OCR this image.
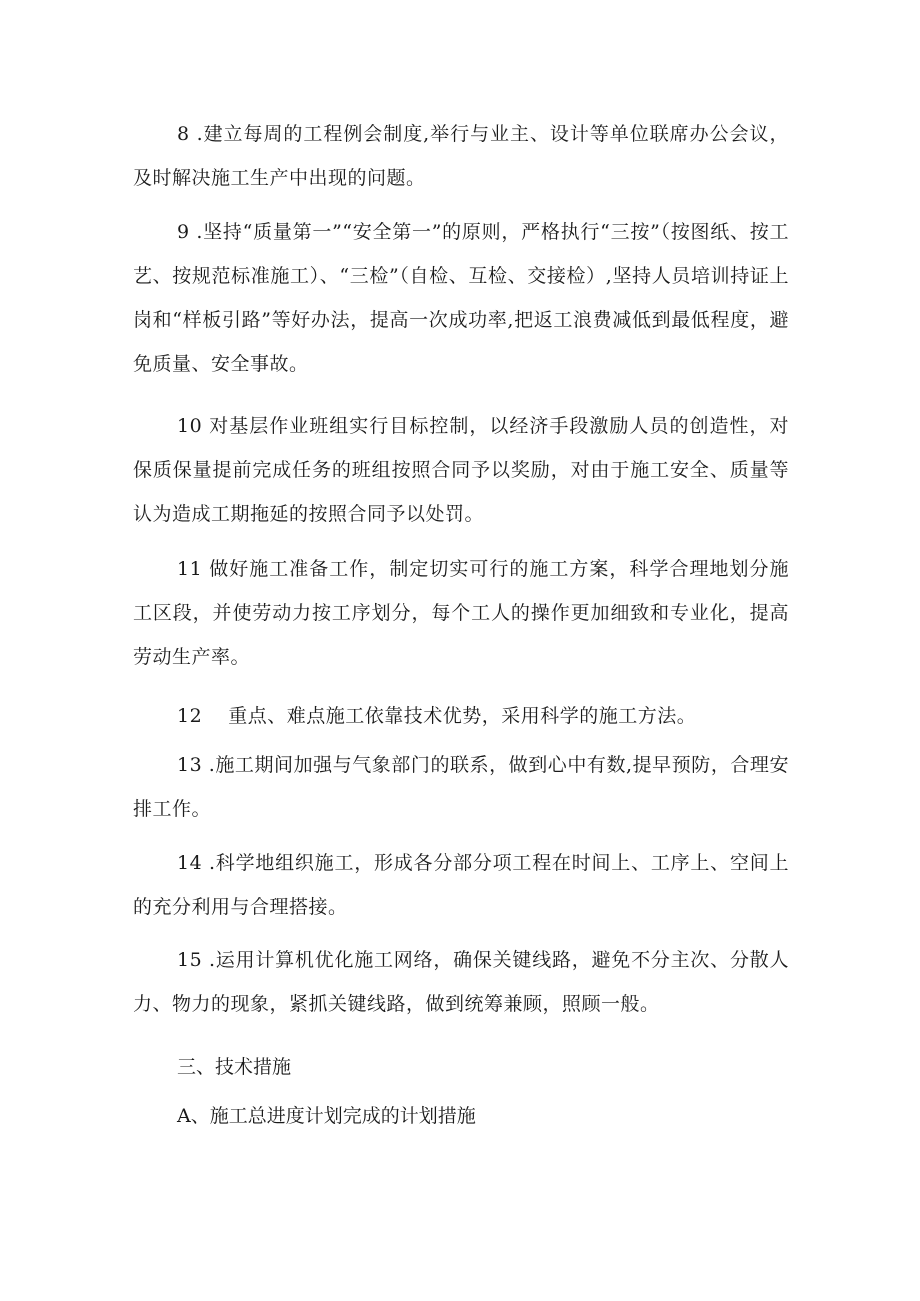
8 .建立每周的工程例会制度,举行与业主、设计等单位联席办公会议，及时解决施工生产中出现的问题。

9 .坚持“质量第一”“安全第一”的原则，严格执行“三按”（按图纸、按工艺、按规范标准施工）、“三检”（自检、互检、交接检）,坚持人员培训持证上岗和“样板引路”等好办法，提高一次成功率,把返工浪费减低到最低程度，避免质量、安全事故。

10 对基层作业班组实行目标控制，以经济手段激励人员的创造性，对保质保量提前完成任务的班组按照合同予以奖励，对由于施工安全、质量等认为造成工期拖延的按照合同予以处罚。

11 做好施工准备工作，制定切实可行的施工方案，科学合理地划分施工区段，并使劳动力按工序划分，每个工人的操作更加细致和专业化，提高劳动生产率。

12　 重点、难点施工依靠技术优势，采用科学的施工方法。

13 .施工期间加强与气象部门的联系，做到心中有数,提早预防，合理安排工作。

14 .科学地组织施工，形成各分部分项工程在时间上、工序上、空间上的充分利用与合理搭接。

15 .运用计算机优化施工网络，确保关键线路，避免不分主次、分散人力、物力的现象，紧抓关键线路，做到统筹兼顾，照顾一般。

三、技术措施

A、施工总进度计划完成的计划措施
